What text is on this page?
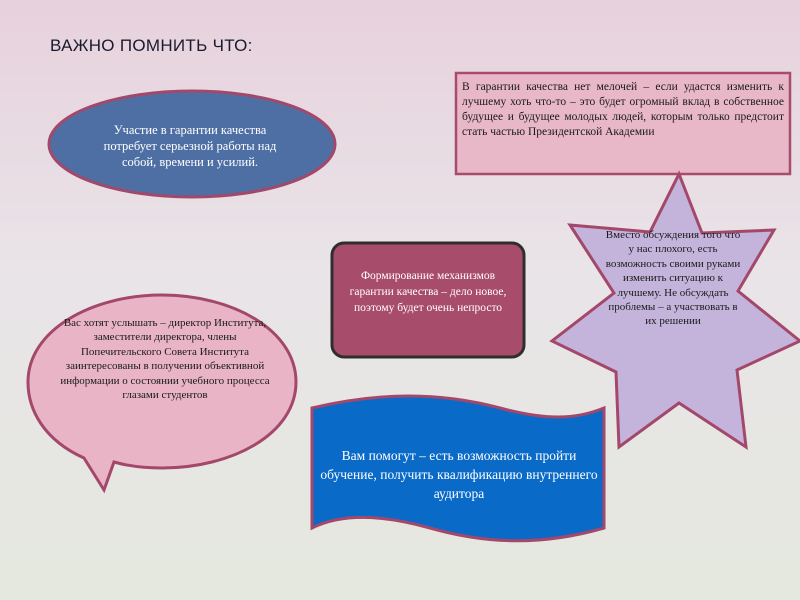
ВАЖНО ПОМНИТЬ ЧТО:
Участие в гарантии качества потребует серьезной работы над собой, времени и усилий.
В гарантии качества нет мелочей – если удастся изменить к лучшему хоть что-то – это будет огромный вклад в собственное будущее и будущее молодых людей, которым только предстоит стать частью Президентской Академии
Формирование механизмов гарантии качества – дело новое, поэтому будет очень непросто
Вас хотят услышать – директор Института, заместители директора, члены Попечительского Совета Института заинтересованы в получении объективной информации о состоянии учебного процесса глазами студентов
Вместо обсуждения того что у нас плохого, есть возможность своими руками изменить ситуацию к лучшему. Не обсуждать проблемы – а участвовать в их решении
Вам помогут – есть возможность пройти обучение, получить квалификацию внутреннего аудитора
